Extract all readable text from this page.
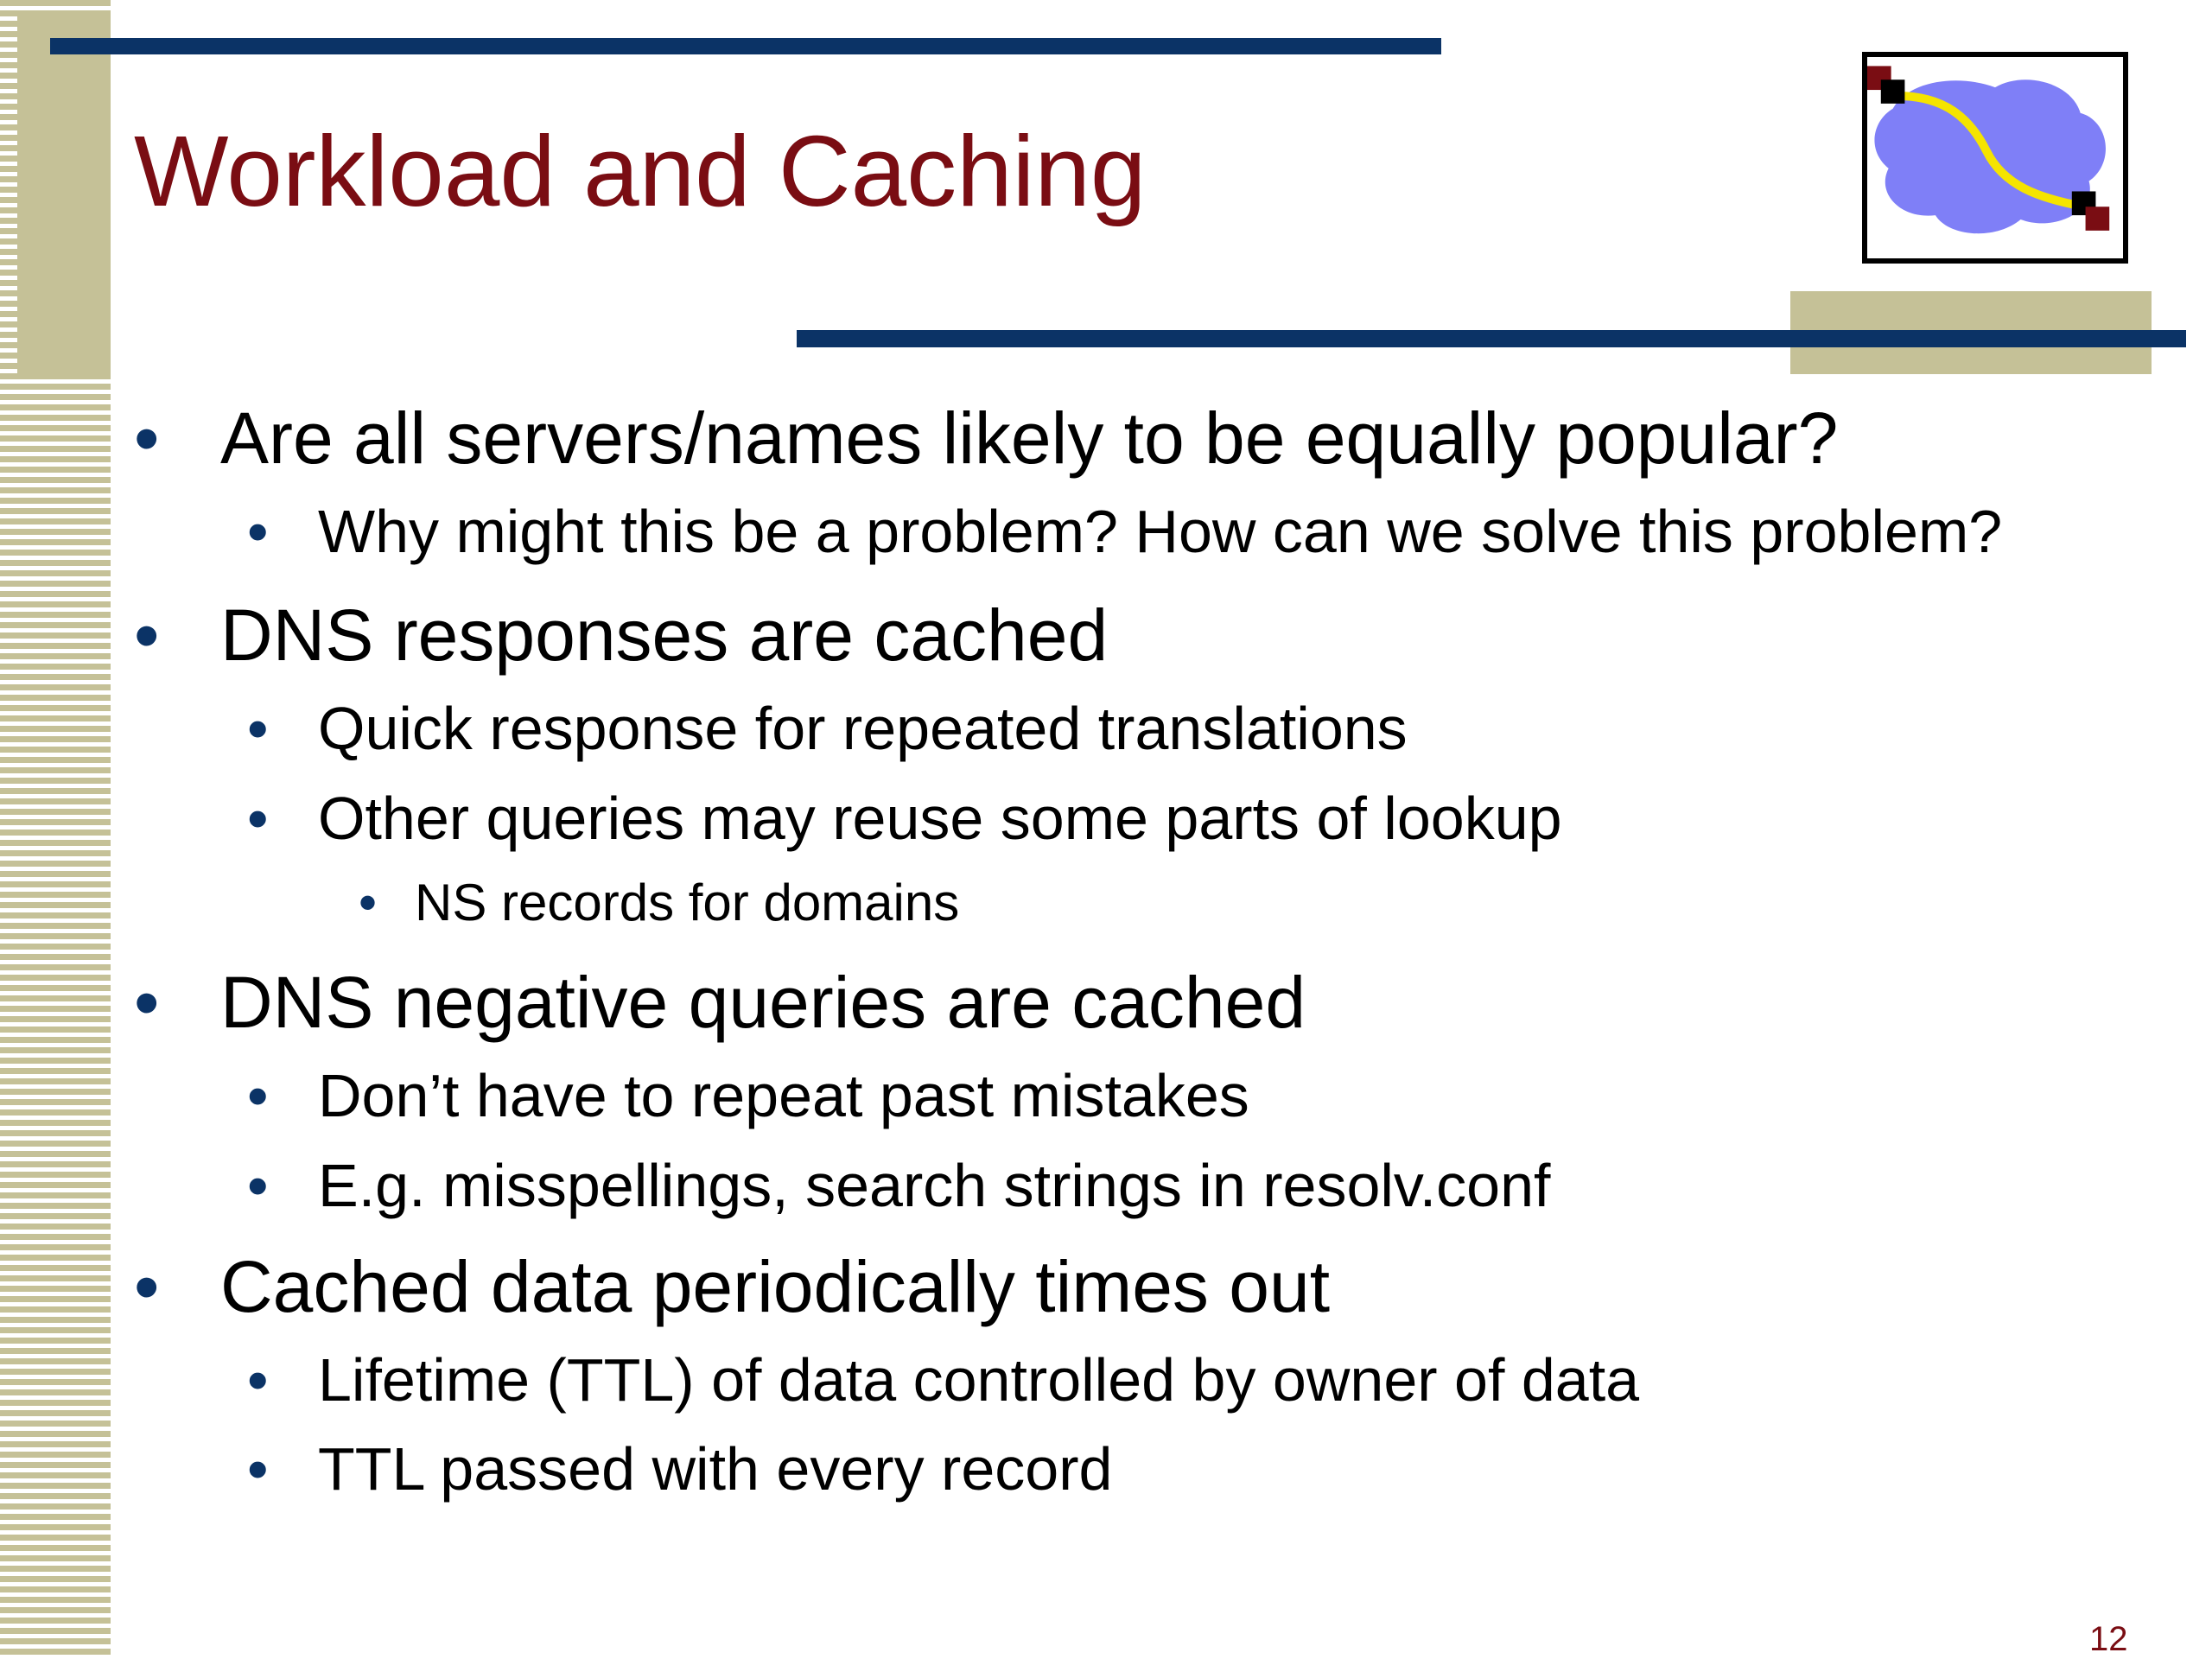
Workload and Caching
• Are all servers/names likely to be equally popular?
• Why might this be a problem? How can we solve this problem?
• DNS responses are cached
• Quick response for repeated translations
• Other queries may reuse some parts of lookup
• NS records for domains
• DNS negative queries are cached
• Don’t have to repeat past mistakes
• E.g. misspellings, search strings in resolv.conf
• Cached data periodically times out
• Lifetime (TTL) of data controlled by owner of data
• TTL passed with every record
12
